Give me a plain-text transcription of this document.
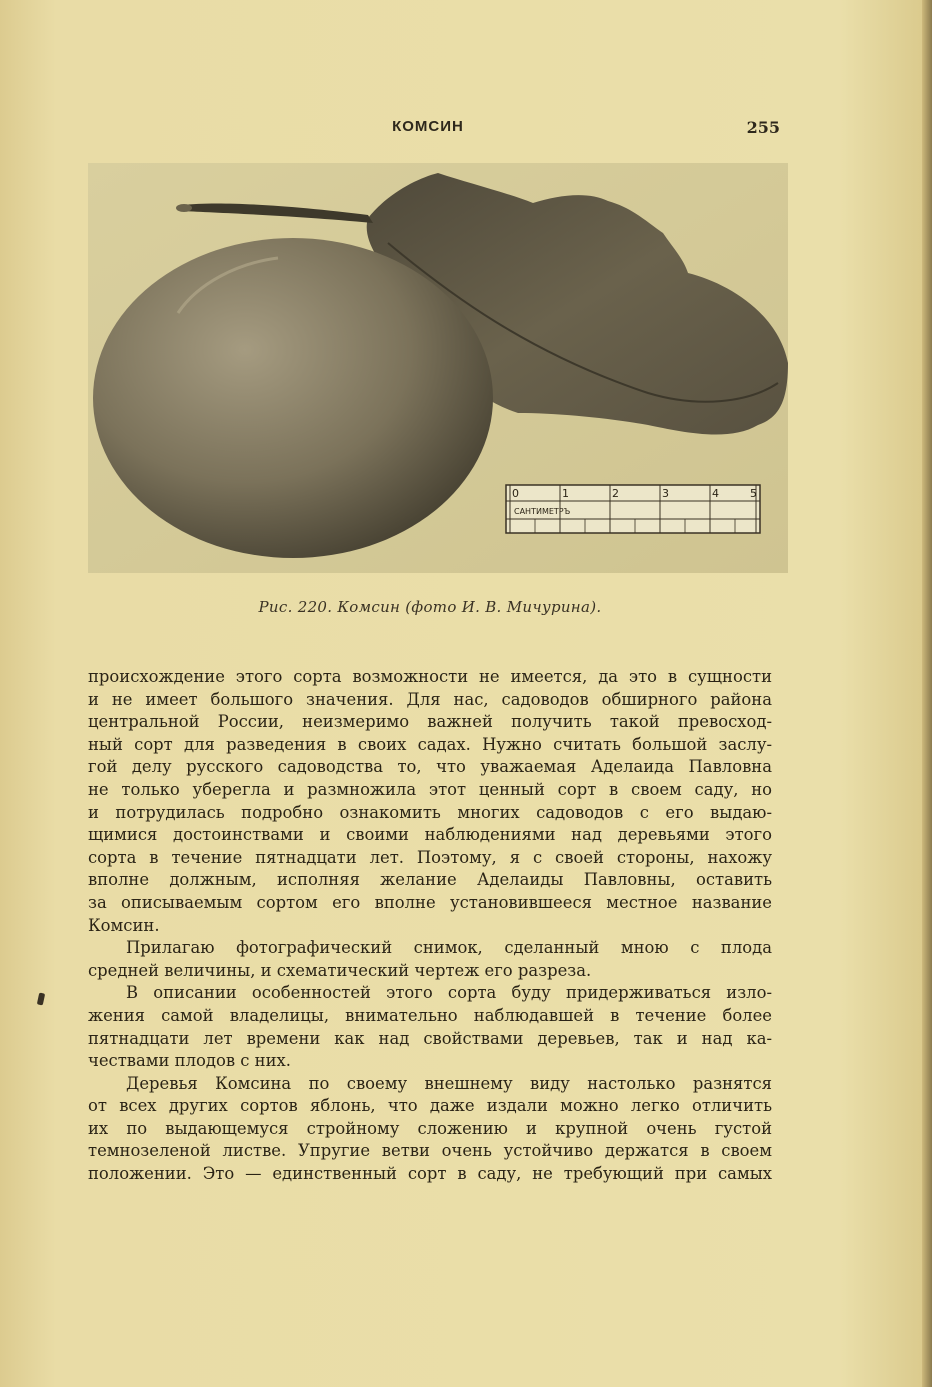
КОМСИН	255
0	1	2	3	4	5
САНТИМЕТРЪ
Рис. 220. Комсин (фото И. В. Мичурина).
происхождение этого сорта возможности не имеется, да это в сущности
и не имеет большого значения. Для нас, садоводов обширного района
центральной России, неизмеримо важней получить такой превосход-
ный сорт для разведения в своих садах. Нужно считать большой заслу-
гой делу русского садоводства то, что уважаемая Аделаида Павловна
не только уберегла и размножила этот ценный сорт в своем саду, но
и потрудилась подробно ознакомить многих садоводов с его выдаю-
щимися достоинствами и своими наблюдениями над деревьями этого
сорта в течение пятнадцати лет. Поэтому, я с своей стороны, нахожу
вполне должным, исполняя желание Аделаиды Павловны, оставить
за описываемым сортом его вполне установившееся местное название
Комсин.
Прилагаю фотографический снимок, сделанный мною с плода
средней величины, и схематический чертеж его разреза.
В описании особенностей этого сорта буду придерживаться изло-
жения самой владелицы, внимательно наблюдавшей в течение более
пятнадцати лет времени как над свойствами деревьев, так и над ка-
чествами плодов с них.
Деревья Комсина по своему внешнему виду настолько разнятся
от всех других сортов яблонь, что даже издали можно легко отличить
их по выдающемуся стройному сложению и крупной очень густой
темнозеленой листве. Упругие ветви очень устойчиво держатся в своем
положении. Это — единственный сорт в саду, не требующий при самых
